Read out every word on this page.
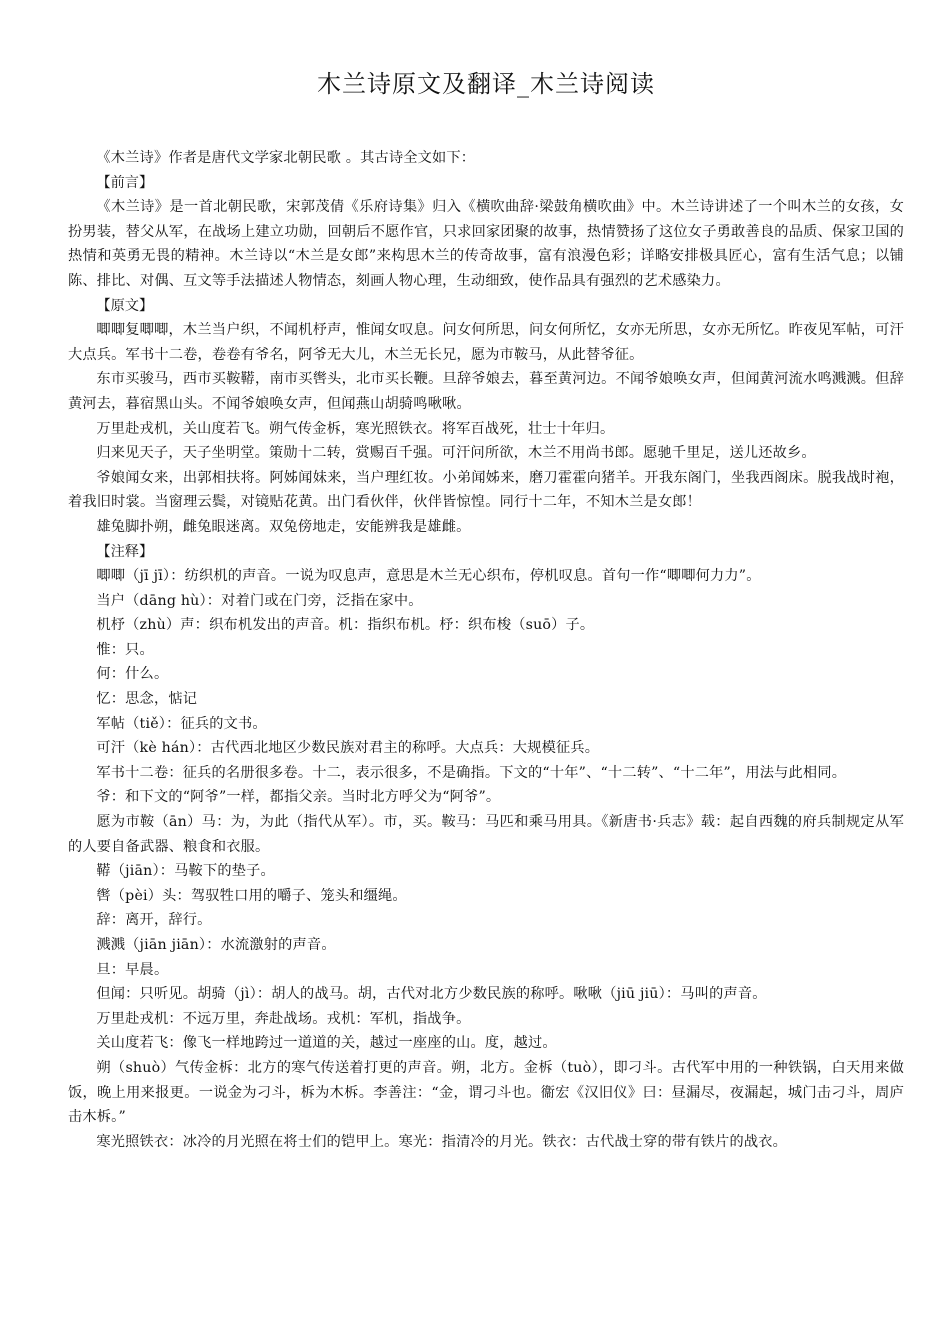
木兰诗原文及翻译_木兰诗阅读

《木兰诗》作者是唐代文学家北朝民歌 。其古诗全文如下：

【前言】

《木兰诗》是一首北朝民歌，宋郭茂倩《乐府诗集》归入《横吹曲辞·梁鼓角横吹曲》中。木兰诗讲述了一个叫木兰的女孩，女扮男装，替父从军，在战场上建立功勋，回朝后不愿作官，只求回家团聚的故事，热情赞扬了这位女子勇敢善良的品质、保家卫国的热情和英勇无畏的精神。木兰诗以“木兰是女郎”来构思木兰的传奇故事，富有浪漫色彩；详略安排极具匠心，富有生活气息；以铺陈、排比、对偶、互文等手法描述人物情态，刻画人物心理，生动细致，使作品具有强烈的艺术感染力。

【原文】

唧唧复唧唧，木兰当户织，不闻机杼声，惟闻女叹息。问女何所思，问女何所忆，女亦无所思，女亦无所忆。昨夜见军帖，可汗大点兵。军书十二卷，卷卷有爷名，阿爷无大儿，木兰无长兄，愿为市鞍马，从此替爷征。

东市买骏马，西市买鞍鞯，南市买辔头，北市买长鞭。旦辞爷娘去，暮至黄河边。不闻爷娘唤女声，但闻黄河流水鸣溅溅。但辞黄河去，暮宿黑山头。不闻爷娘唤女声，但闻燕山胡骑鸣啾啾。

万里赴戎机，关山度若飞。朔气传金柝，寒光照铁衣。将军百战死，壮士十年归。

归来见天子，天子坐明堂。策勋十二转，赏赐百千强。可汗问所欲，木兰不用尚书郎。愿驰千里足，送儿还故乡。

爷娘闻女来，出郭相扶将。阿姊闻妹来，当户理红妆。小弟闻姊来，磨刀霍霍向猪羊。开我东阁门，坐我西阁床。脱我战时袍，着我旧时裳。当窗理云鬓，对镜贴花黄。出门看伙伴，伙伴皆惊惶。同行十二年，不知木兰是女郎！

雄兔脚扑朔，雌兔眼迷离。双兔傍地走，安能辨我是雄雌。

【注释】

唧唧（jī jī）：纺织机的声音。一说为叹息声，意思是木兰无心织布，停机叹息。首句一作“唧唧何力力”。

当户（dāng hù）：对着门或在门旁，泛指在家中。

机杼（zhù）声：织布机发出的声音。机：指织布机。杼：织布梭（suō）子。

惟：只。

何：什么。

忆：思念，惦记

军帖（tiě）：征兵的文书。

可汗（kè hán）：古代西北地区少数民族对君主的称呼。大点兵：大规模征兵。

军书十二卷：征兵的名册很多卷。十二，表示很多，不是确指。下文的“十年”、“十二转”、“十二年”，用法与此相同。

爷：和下文的“阿爷”一样，都指父亲。当时北方呼父为“阿爷”。

愿为市鞍（ān）马：为，为此（指代从军）。市，买。鞍马：马匹和乘马用具。《新唐书·兵志》载：起自西魏的府兵制规定从军的人要自备武器、粮食和衣服。

鞯（jiān）：马鞍下的垫子。

辔（pèi）头：驾驭牲口用的嚼子、笼头和缰绳。

辞：离开，辞行。

溅溅（jiān jiān）：水流激射的声音。

旦：早晨。

但闻：只听见。胡骑（jì）：胡人的战马。胡，古代对北方少数民族的称呼。啾啾（jiū jiū）：马叫的声音。

万里赴戎机：不远万里，奔赴战场。戎机：军机，指战争。

关山度若飞：像飞一样地跨过一道道的关，越过一座座的山。度，越过。

朔（shuò）气传金柝：北方的寒气传送着打更的声音。朔，北方。金柝（tuò），即刁斗。古代军中用的一种铁锅，白天用来做饭，晚上用来报更。一说金为刁斗，柝为木柝。李善注：“金，谓刁斗也。衞宏《汉旧仪》曰：昼漏尽，夜漏起，城门击刁斗，周庐击木柝。”

寒光照铁衣：冰冷的月光照在将士们的铠甲上。寒光：指清冷的月光。铁衣：古代战士穿的带有铁片的战衣。
